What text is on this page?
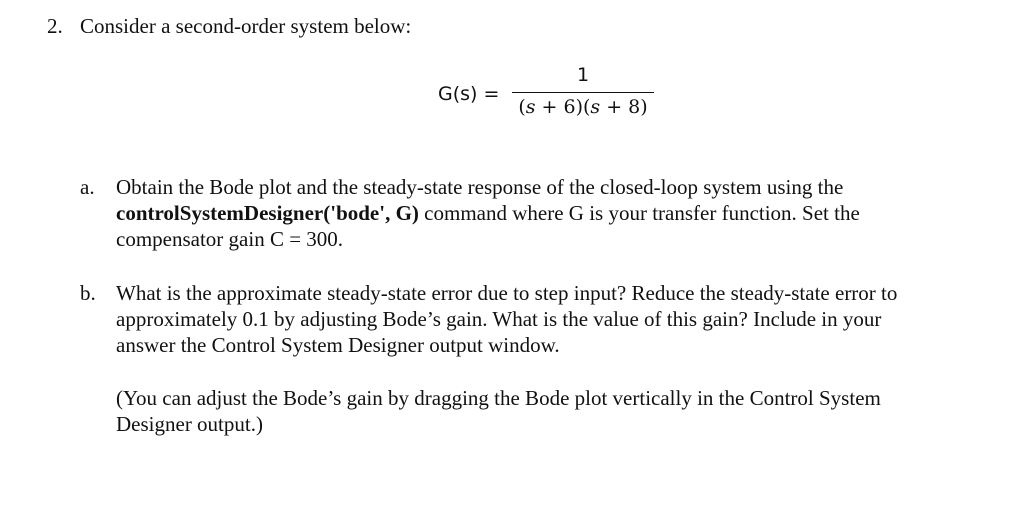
2. Consider a second-order system below:
G(s) =
1
(s + 6)(s + 8)
a.	Obtain the Bode plot and the steady-state response of the closed-loop system using the

controlSystemDesigner('bode', G) command where G is your transfer function. Set the

compensator gain C = 300.

b. What is the approximate steady-state error due to step input? Reduce the steady-state error to

approximately 0.1 by adjusting Bode’s gain. What is the value of this gain? Include in your

answer the Control System Designer output window.

(You can adjust the Bode’s gain by dragging the Bode plot vertically in the Control System

Designer output.)
